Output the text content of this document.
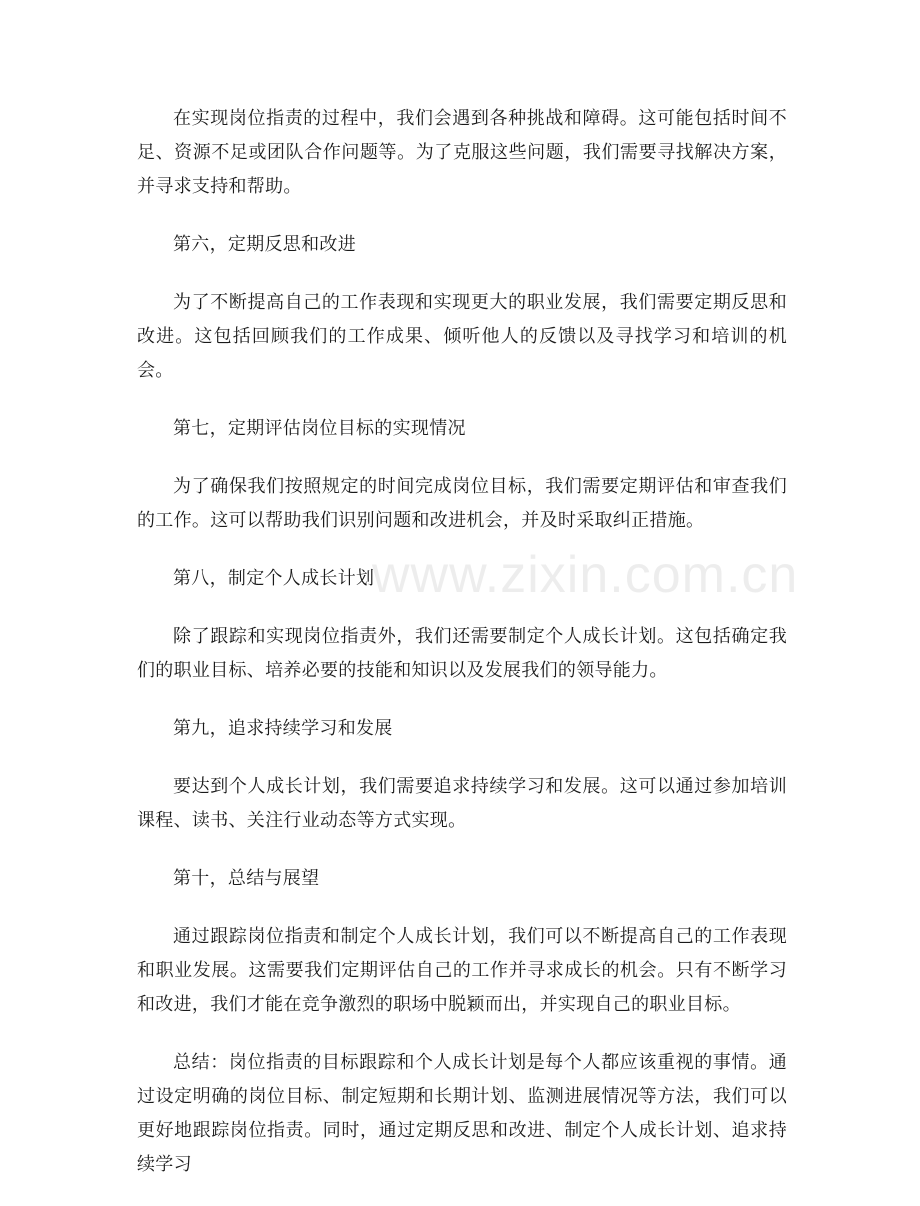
在实现岗位指责的过程中，我们会遇到各种挑战和障碍。这可能包括时间不足、资源不足或团队合作问题等。为了克服这些问题，我们需要寻找解决方案，并寻求支持和帮助。

第六，定期反思和改进

为了不断提高自己的工作表现和实现更大的职业发展，我们需要定期反思和改进。这包括回顾我们的工作成果、倾听他人的反馈以及寻找学习和培训的机会。

第七，定期评估岗位目标的实现情况

为了确保我们按照规定的时间完成岗位目标，我们需要定期评估和审查我们的工作。这可以帮助我们识别问题和改进机会，并及时采取纠正措施。

第八，制定个人成长计划

除了跟踪和实现岗位指责外，我们还需要制定个人成长计划。这包括确定我们的职业目标、培养必要的技能和知识以及发展我们的领导能力。

第九，追求持续学习和发展

要达到个人成长计划，我们需要追求持续学习和发展。这可以通过参加培训课程、读书、关注行业动态等方式实现。

第十，总结与展望

通过跟踪岗位指责和制定个人成长计划，我们可以不断提高自己的工作表现和职业发展。这需要我们定期评估自己的工作并寻求成长的机会。只有不断学习和改进，我们才能在竞争激烈的职场中脱颖而出，并实现自己的职业目标。

总结：岗位指责的目标跟踪和个人成长计划是每个人都应该重视的事情。通过设定明确的岗位目标、制定短期和长期计划、监测进展情况等方法，我们可以更好地跟踪岗位指责。同时，通过定期反思和改进、制定个人成长计划、追求持续学习

www.zixin.com.cn
